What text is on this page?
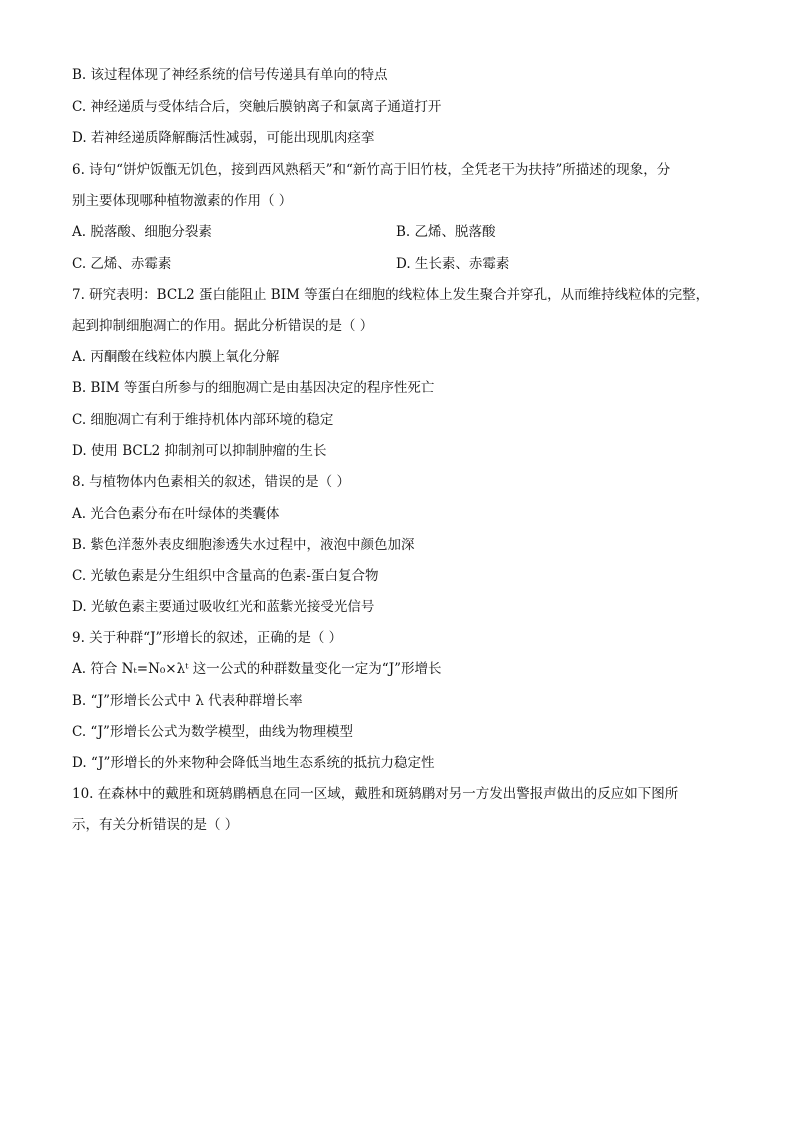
B. 该过程体现了神经系统的信号传递具有单向的特点
C. 神经递质与受体结合后，突触后膜钠离子和氯离子通道打开
D. 若神经递质降解酶活性减弱，可能出现肌肉痉挛
6. 诗句“饼炉饭甑无饥色，接到西风熟稻天”和“新竹高于旧竹枝，全凭老干为扶持”所描述的现象，分
别主要体现哪种植物激素的作用（ ）
A. 脱落酸、细胞分裂素	B. 乙烯、脱落酸
C. 乙烯、赤霉素	D. 生长素、赤霉素
7. 研究表明：BCL2 蛋白能阻止 BIM 等蛋白在细胞的线粒体上发生聚合并穿孔，从而维持线粒体的完整，
起到抑制细胞凋亡的作用。据此分析错误的是（ ）
A. 丙酮酸在线粒体内膜上氧化分解
B. BIM 等蛋白所参与的细胞凋亡是由基因决定的程序性死亡
C. 细胞凋亡有利于维持机体内部环境的稳定
D. 使用 BCL2 抑制剂可以抑制肿瘤的生长
8. 与植物体内色素相关的叙述，错误的是（ ）
A. 光合色素分布在叶绿体的类囊体
B. 紫色洋葱外表皮细胞渗透失水过程中，液泡中颜色加深
C. 光敏色素是分生组织中含量高的色素-蛋白复合物
D. 光敏色素主要通过吸收红光和蓝紫光接受光信号
9. 关于种群“J”形增长的叙述，正确的是（ ）
A. 符合 Nₜ=N₀×λᵗ 这一公式的种群数量变化一定为“J”形增长
B. “J”形增长公式中 λ 代表种群增长率
C. “J”形增长公式为数学模型，曲线为物理模型
D. “J”形增长的外来物种会降低当地生态系统的抵抗力稳定性
10. 在森林中的戴胜和斑鸫鹛栖息在同一区域，戴胜和斑鸫鹛对另一方发出警报声做出的反应如下图所
示，有关分析错误的是（ ）
